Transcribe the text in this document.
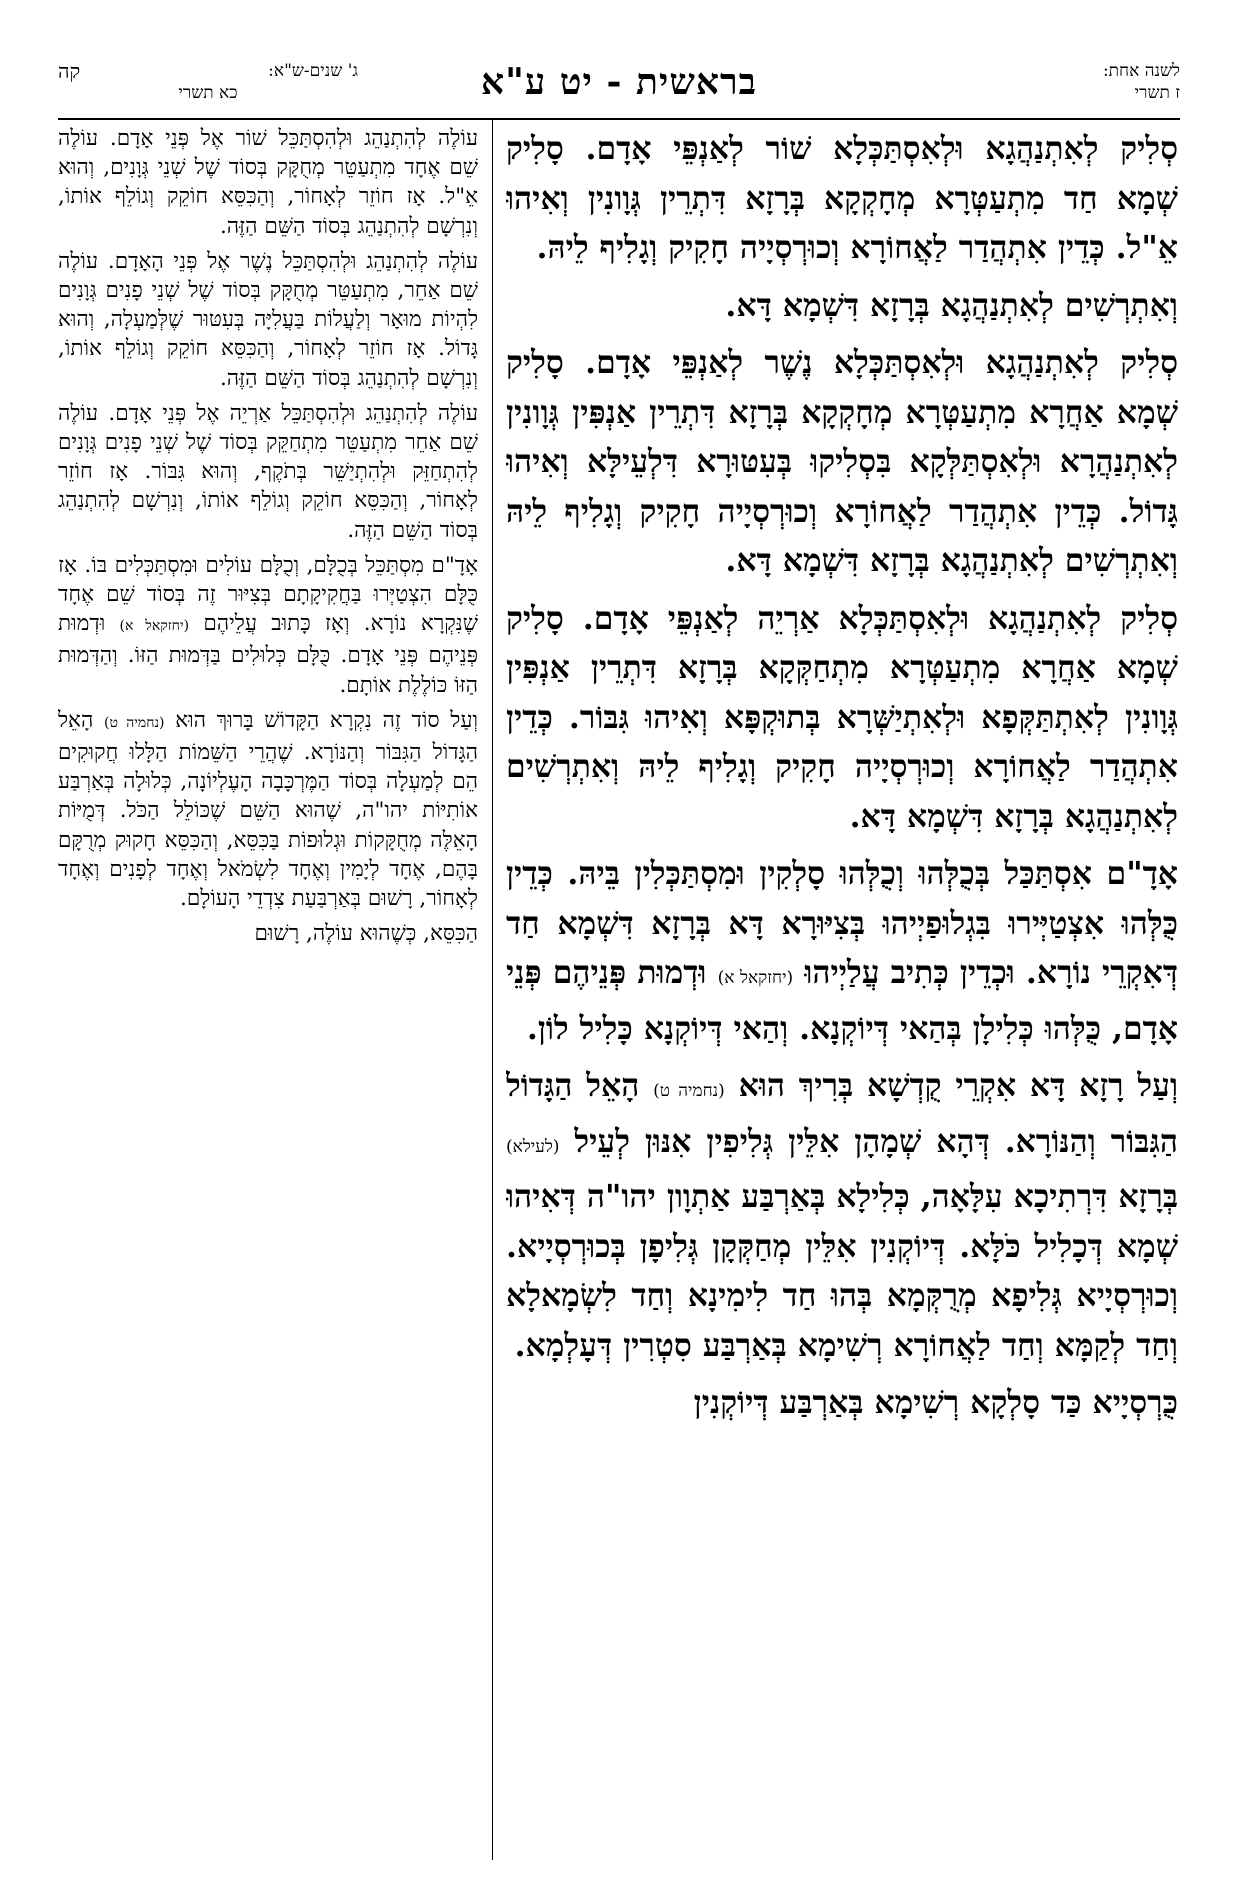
לשנה אחת:
ז תשרי
בראשית - יט ע"א
ג' שנים-ש"א:
קה
כא תשרי

סְלִיק לְאִתְנַהֲגָא וּלְאִסְתַּכְּלָא שׁוֹר לְאַנְפֵּי אָדָם. סָלִיק שְׁמָא חַד מִתְעַטְּרָא מְחָקְקָא בְּרָזָא דִּתְרֵין גְּוָונִין וְאִיהוּ אֵ"ל. כְּדֵין אִתְהֲדַר לַאֲחוֹרָא וְכוּרְסְיָיה חָקִיק וְגָלִיף לֵיהּ.

וְאִתְרְשִׁים לְאִתְנַהֲגָא בְּרָזָא דִּשְׁמָא דָּא.

סְלִיק לְאִתְנַהֲגָא וּלְאִסְתַּכְּלָא נֶשֶׁר לְאַנְפֵּי אָדָם. סָלִיק שְׁמָא אַחֲרָא מִתְעַטְּרָא מְחָקְקָא בְּרָזָא דִּתְרֵין אַנְפִּין גְּוָונִין לְאִתְנַהֲרָא וּלְאִסְתַּלְּקָא בִּסְלִיקוּ בְּעִטּוּרָא דִּלְעֵילָּא וְאִיהוּ גָּדוֹל. כְּדֵין אִתְהֲדַר לַאֲחוֹרָא וְכוּרְסְיָיה חָקִיק וְגָלִיף לֵיהּ וְאִתְרְשִׁים לְאִתְנַהֲגָא בְּרָזָא דִּשְׁמָא דָּא.

סְלִיק לְאִתְנַהֲגָא וּלְאִסְתַּכְּלָא אַרְיֵה לְאַנְפֵּי אָדָם. סָלִיק שְׁמָא אַחֲרָא מִתְעַטְּרָא מִתְחַקְּקָא בְּרָזָא דִּתְרֵין אַנְפִּין גְּוָונִין לְאִתְתַּקְּפָא וּלְאִתְיַשְּׁרָא בְּתוּקְפָּא וְאִיהוּ גִּבּוֹר. כְּדֵין אִתְהֲדַר לַאֲחוֹרָא וְכוּרְסְיָיה חָקִיק וְגָלִיף לֵיהּ וְאִתְרְשִׁים לְאִתְנַהֲגָא בְּרָזָא דִּשְׁמָא דָּא.

אָדָ"ם אִסְתַּכַּל בְּכֻלְּהוּ וְכֻלְּהוּ סָלְקִין וּמִסְתַּכְּלִין בֵּיהּ. כְּדֵין כֻּלְּהוּ אִצְטַיְּירוּ בִּגְלוּפַיְיהוּ בְּצִיּוּרָא דָּא בְּרָזָא דִּשְׁמָא חַד דְּאִקְרֵי נוֹרָא. וּכְדֵין כְּתִיב עֲלַיְיהוּ (יחזקאל א) וּדְמוּת פְּנֵיהֶם פְּנֵי אָדָם, כֻּלְּהוּ כְּלִילָן בְּהַאי דְּיוֹקְנָא. וְהַאי דְּיוֹקְנָא כָּלִיל לוֹן.

וְעַל רָזָא דָּא אִקְרֵי קֻדְשָׁא בְּרִיךְ הוּא (נחמיה ט) הָאֵל הַגָּדוֹל הַגִּבּוֹר וְהַנּוֹרָא. דְּהָא שְׁמָהָן אִלֵּין גְּלִיפִין אִנּוּן לְעֵיל (לעילא) בְּרָזָא דִּרְתִיכָא עִלָּאָה, כְּלִילָא בְּאַרְבַּע אַתְוָון יהו"ה דְּאִיהוּ שְׁמָא דְּכָלִיל כֹּלָּא. דְּיוֹקְנִין אִלֵּין מְחַקְּקָן גְּלִיפָן בְּכוּרְסְיָיא. וְכוּרְסְיָיא גְּלִיפָא מְרֻקְּמָא בְּהוּ חַד לִימִינָא וְחַד לִשְׂמָאלָא וְחַד לְקַמָּא וְחַד לַאֲחוֹרָא רְשִׁימָא בְּאַרְבַּע סִטְרִין דְּעָלְמָא.

כֻּרְסְיָיא כַּד סָלְקָא רְשִׁימָא בְּאַרְבַּע דְּיוֹקְנִין

עוֹלֶה לְהִתְנַהֵג וּלְהִסְתַּכֵּל שׁוֹר אֶל פְּנֵי אָדָם. עוֹלֶה שֵׁם אֶחָד מִתְעַטֵּר מְחֻקָּק בְּסוֹד שֶׁל שְׁנֵי גְּוָנִים, וְהוּא אֵ"ל. אָז חוֹזֵר לְאָחוֹר, וְהַכִּסֵּא חוֹקֵק וְגוֹלֵף אוֹתוֹ, וְנִרְשָׁם לְהִתְנַהֵג בְּסוֹד הַשֵּׁם הַזֶּה.

עוֹלֶה לְהִתְנַהֵג וּלְהִסְתַּכֵּל נֶשֶׁר אֶל פְּנֵי הָאָדָם. עוֹלֶה שֵׁם אַחֵר, מִתְעַטֵּר מְחֻקָּק בְּסוֹד שֶׁל שְׁנֵי פָנִים גְּוָנִים לִהְיוֹת מוּאָר וְלַעֲלוֹת בַּעֲלִיָּה בְּעִטּוּר שֶׁלְּמַעְלָה, וְהוּא גָּדוֹל. אָז חוֹזֵר לְאָחוֹר, וְהַכִּסֵּא חוֹקֵק וְגוֹלֵף אוֹתוֹ, וְנִרְשָׁם לְהִתְנַהֵג בְּסוֹד הַשֵּׁם הַזֶּה.

עוֹלֶה לְהִתְנַהֵג וּלְהִסְתַּכֵּל אַרְיֵה אֶל פְּנֵי אָדָם. עוֹלֶה שֵׁם אַחֵר מִתְעַטֵּר מִתְחַקֵּק בְּסוֹד שֶׁל שְׁנֵי פָנִים גְּוָנִים לְהִתְחַזֵּק וּלְהִתְיַשֵּׁר בְּתֹקֶף, וְהוּא גִּבּוֹר. אָז חוֹזֵר לְאָחוֹר, וְהַכִּסֵּא חוֹקֵק וְגוֹלֵף אוֹתוֹ, וְנִרְשָׁם לְהִתְנַהֵג בְּסוֹד הַשֵּׁם הַזֶּה.

אָדָ"ם מִסְתַּכֵּל בְּכֻלָּם, וְכֻלָּם עוֹלִים וּמִסְתַּכְּלִים בּוֹ. אָז כֻּלָּם הִצְטַיְּרוּ בַּחֲקִיקָתָם בְּצִיּוּר זֶה בְּסוֹד שֵׁם אֶחָד שֶׁנִּקְרָא נוֹרָא. וְאָז כָּתוּב עֲלֵיהֶם (יחזקאל א) וּדְמוּת פְּנֵיהֶם פְּנֵי אָדָם. כֻּלָּם כְּלוּלִים בַּדְּמוּת הַזּוֹ. וְהַדְּמוּת הַזּוֹ כּוֹלֶלֶת אוֹתָם.

וְעַל סוֹד זֶה נִקְרָא הַקָּדוֹשׁ בָּרוּךְ הוּא (נחמיה ט) הָאֵל הַגָּדוֹל הַגִּבּוֹר וְהַנּוֹרָא. שֶׁהֲרֵי הַשֵּׁמוֹת הַלָּלוּ חֲקוּקִים הֵם לְמַעְלָה בְּסוֹד הַמֶּרְכָּבָה הָעֶלְיוֹנָה, כְּלוּלָה בְּאַרְבַּע אוֹתִיּוֹת יהו"ה, שֶׁהוּא הַשֵּׁם שֶׁכּוֹלֵל הַכֹּל. דְּמֻיּוֹת הָאֵלֶּה מְחֻקָּקוֹת וּגְלוּפוֹת בַּכִּסֵּא, וְהַכִּסֵּא חָקוּק מְרֻקָּם בָּהֶם, אֶחָד לְיָמִין וְאֶחָד לִשְׂמֹאל וְאֶחָד לְפָנִים וְאֶחָד לְאָחוֹר, רָשׁוּם בְּאַרְבַּעַת צִדְדֵי הָעוֹלָם.

הַכִּסֵּא, כְּשֶׁהוּא עוֹלֶה, רָשׁוּם
